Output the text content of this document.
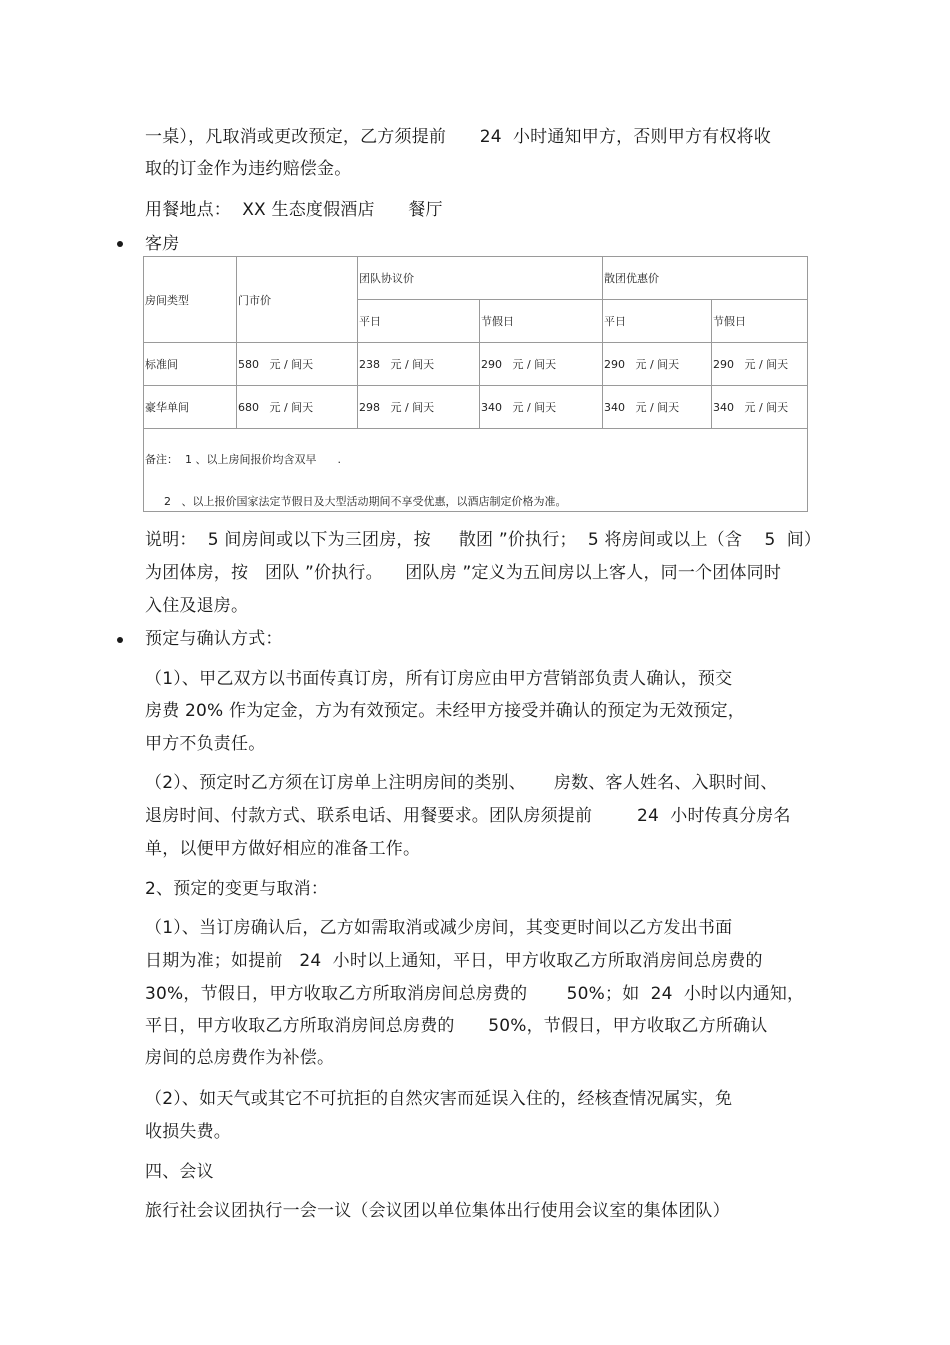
一桌），凡取消或更改预定，乙方须提前      24  小时通知甲方，否则甲方有权将收
取的订金作为违约赔偿金。
用餐地点：  XX 生态度假酒店      餐厅
客房
房间类型	门市价	团队协议价		散团优惠价	
		平日	节假日	平日	节假日
标准间	580   元 / 间天	238   元 / 间天	290   元 / 间天	290   元 / 间天	290   元 / 间天
豪华单间	680   元 / 间天	298   元 / 间天	340   元 / 间天	340   元 / 间天	340   元 / 间天

备注：  1 、以上房间报价均含双早      .

2   、以上报价国家法定节假日及大型活动期间不享受优惠，以酒店制定价格为准。					

说明：  5 间房间或以下为三团房，按     散团 ”价执行；  5 将房间或以上（含    5  间）
为团体房，按   团队 ”价执行。    团队房 ”定义为五间房以上客人，同一个团体同时
入住及退房。
预定与确认方式：
（1）、甲乙双方以书面传真订房，所有订房应由甲方营销部负责人确认，预交
房费 20% 作为定金，方为有效预定。未经甲方接受并确认的预定为无效预定，
甲方不负责任。
（2）、预定时乙方须在订房单上注明房间的类别、     房数、客人姓名、入职时间、
退房时间、付款方式、联系电话、用餐要求。团队房须提前        24  小时传真分房名
单，以便甲方做好相应的准备工作。
2、预定的变更与取消：
（1）、当订房确认后，乙方如需取消或减少房间，其变更时间以乙方发出书面
日期为准；如提前   24  小时以上通知，平日，甲方收取乙方所取消房间总房费的
30%，节假日，甲方收取乙方所取消房间总房费的       50%；如  24  小时以内通知，
平日，甲方收取乙方所取消房间总房费的      50%，节假日，甲方收取乙方所确认
房间的总房费作为补偿。
（2）、如天气或其它不可抗拒的自然灾害而延误入住的，经核查情况属实，免
收损失费。
四、会议
旅行社会议团执行一会一议（会议团以单位集体出行使用会议室的集体团队）
